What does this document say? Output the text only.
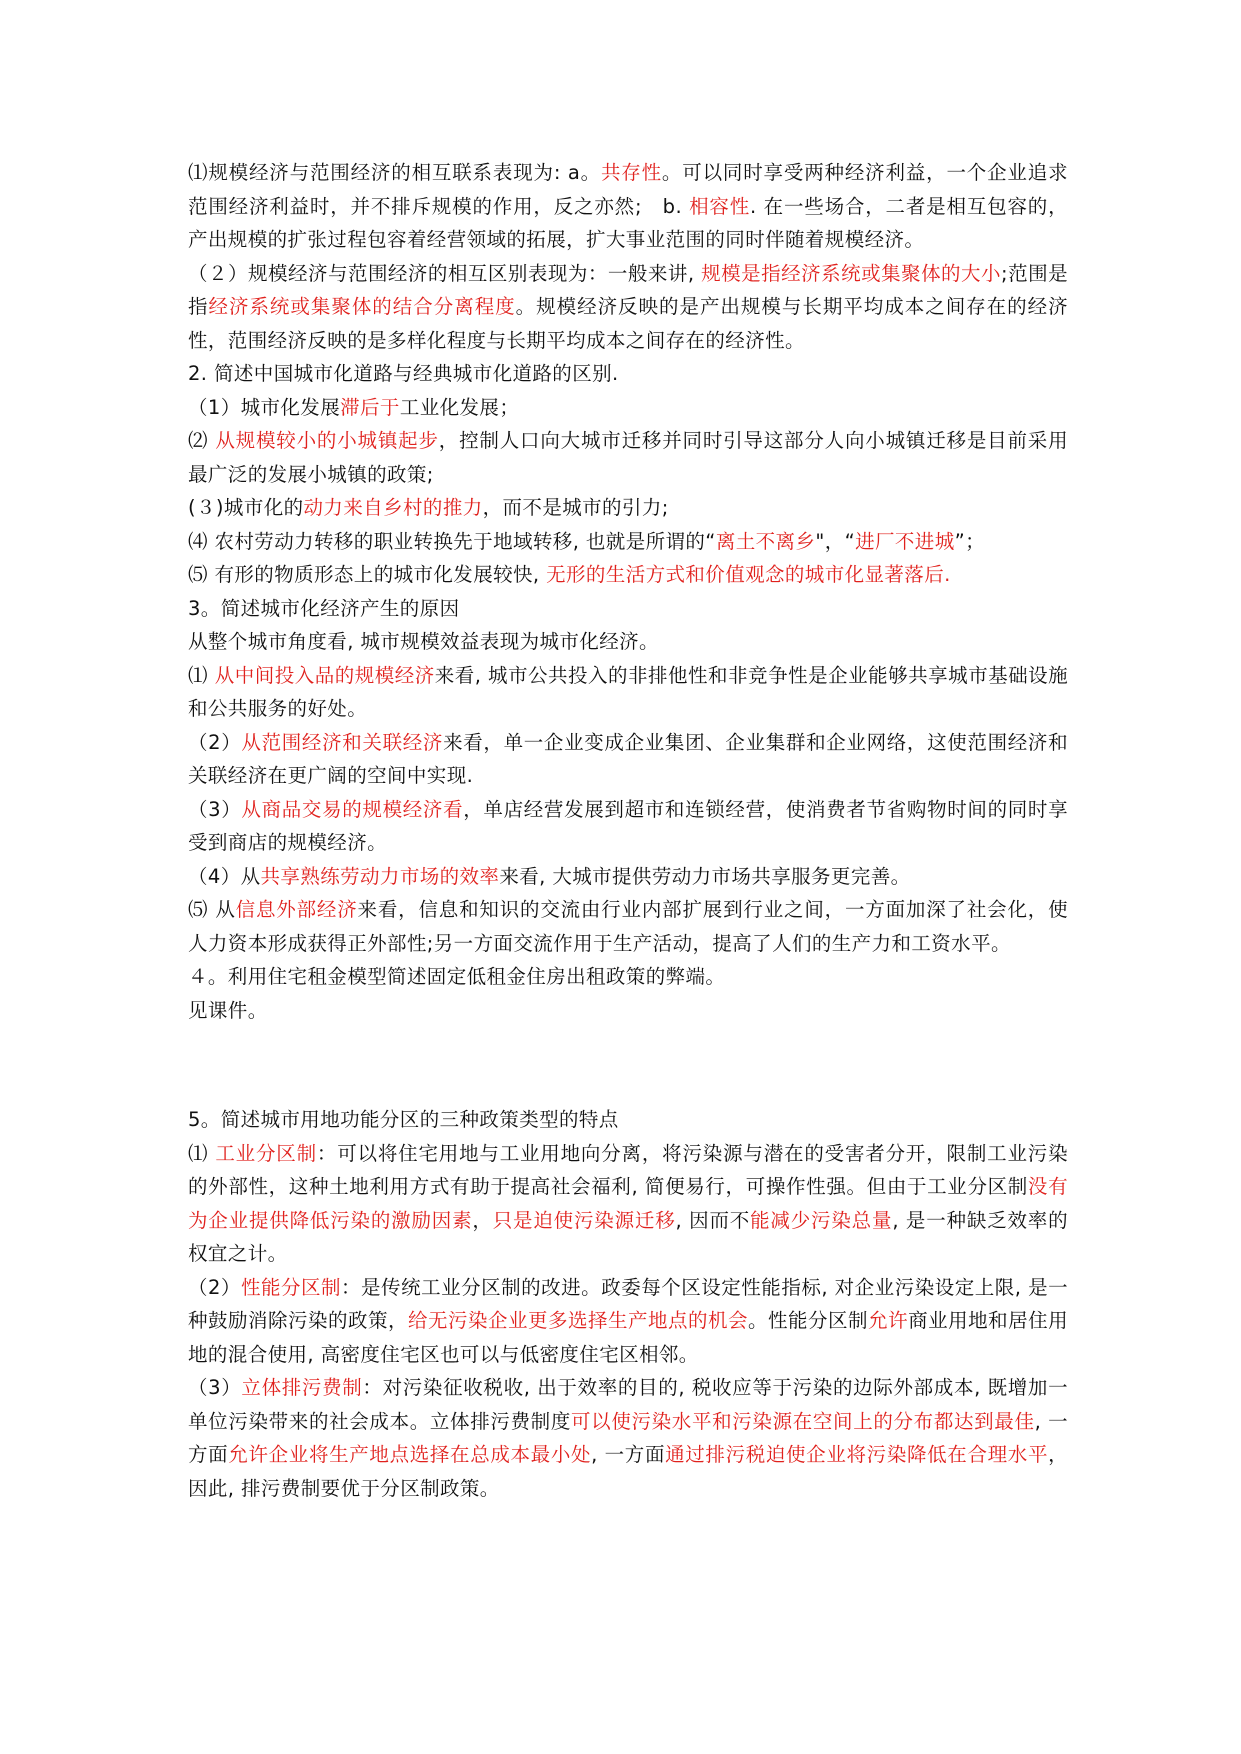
⑴规模经济与范围经济的相互联系表现为: a。共存性。可以同时享受两种经济利益，一个企业追求范围经济利益时，并不排斥规模的作用，反之亦然;　b. 相容性. 在一些场合，二者是相互包容的，产出规模的扩张过程包容着经营领域的拓展，扩大事业范围的同时伴随着规模经济。
（２）规模经济与范围经济的相互区别表现为：一般来讲, 规模是指经济系统或集聚体的大小;范围是指经济系统或集聚体的结合分离程度。规模经济反映的是产出规模与长期平均成本之间存在的经济性，范围经济反映的是多样化程度与长期平均成本之间存在的经济性。
2. 简述中国城市化道路与经典城市化道路的区别.
（1）城市化发展滞后于工业化发展；
⑵ 从规模较小的小城镇起步，控制人口向大城市迁移并同时引导这部分人向小城镇迁移是目前采用最广泛的发展小城镇的政策;
(３)城市化的动力来自乡村的推力，而不是城市的引力;
⑷ 农村劳动力转移的职业转换先于地域转移, 也就是所谓的“离土不离乡"，“进厂不进城”；
⑸ 有形的物质形态上的城市化发展较快, 无形的生活方式和价值观念的城市化显著落后.
3。简述城市化经济产生的原因
从整个城市角度看, 城市规模效益表现为城市化经济。
⑴ 从中间投入品的规模经济来看, 城市公共投入的非排他性和非竞争性是企业能够共享城市基础设施和公共服务的好处。
（2）从范围经济和关联经济来看，单一企业变成企业集团、企业集群和企业网络，这使范围经济和关联经济在更广阔的空间中实现.
（3）从商品交易的规模经济看，单店经营发展到超市和连锁经营，使消费者节省购物时间的同时享受到商店的规模经济。
（4）从共享熟练劳动力市场的效率来看, 大城市提供劳动力市场共享服务更完善。
⑸ 从信息外部经济来看，信息和知识的交流由行业内部扩展到行业之间，一方面加深了社会化，使人力资本形成获得正外部性;另一方面交流作用于生产活动，提高了人们的生产力和工资水平。
４。利用住宅租金模型简述固定低租金住房出租政策的弊端。
见课件。
5。简述城市用地功能分区的三种政策类型的特点
⑴ 工业分区制：可以将住宅用地与工业用地向分离，将污染源与潜在的受害者分开，限制工业污染的外部性，这种土地利用方式有助于提高社会福利, 简便易行，可操作性强。但由于工业分区制没有为企业提供降低污染的激励因素，只是迫使污染源迁移, 因而不能减少污染总量, 是一种缺乏效率的权宜之计。
（2）性能分区制：是传统工业分区制的改进。政委每个区设定性能指标, 对企业污染设定上限, 是一种鼓励消除污染的政策，给无污染企业更多选择生产地点的机会。性能分区制允许商业用地和居住用地的混合使用, 高密度住宅区也可以与低密度住宅区相邻。
（3）立体排污费制：对污染征收税收, 出于效率的目的, 税收应等于污染的边际外部成本, 既增加一单位污染带来的社会成本。立体排污费制度可以使污染水平和污染源在空间上的分布都达到最佳, 一方面允许企业将生产地点选择在总成本最小处, 一方面通过排污税迫使企业将污染降低在合理水平，因此, 排污费制要优于分区制政策。
